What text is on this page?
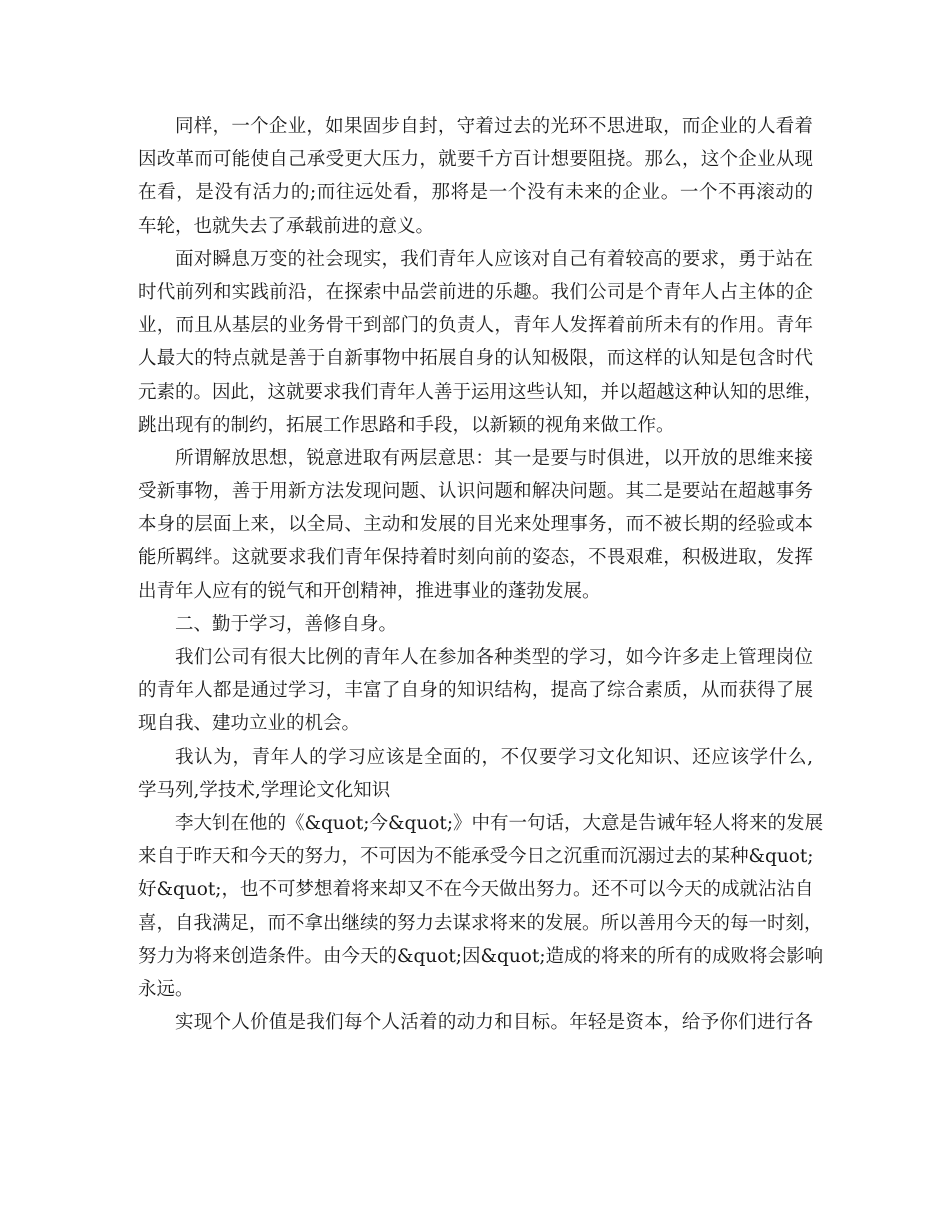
同样，一个企业，如果固步自封，守着过去的光环不思进取，而企业的人看着
因改革而可能使自己承受更大压力，就要千方百计想要阻挠。那么，这个企业从现
在看，是没有活力的;而往远处看，那将是一个没有未来的企业。一个不再滚动的
车轮，也就失去了承载前进的意义。
面对瞬息万变的社会现实，我们青年人应该对自己有着较高的要求，勇于站在
时代前列和实践前沿，在探索中品尝前进的乐趣。我们公司是个青年人占主体的企
业，而且从基层的业务骨干到部门的负责人，青年人发挥着前所未有的作用。青年
人最大的特点就是善于自新事物中拓展自身的认知极限，而这样的认知是包含时代
元素的。因此，这就要求我们青年人善于运用这些认知，并以超越这种认知的思维，
跳出现有的制约，拓展工作思路和手段，以新颖的视角来做工作。
所谓解放思想，锐意进取有两层意思：其一是要与时俱进，以开放的思维来接
受新事物，善于用新方法发现问题、认识问题和解决问题。其二是要站在超越事务
本身的层面上来，以全局、主动和发展的目光来处理事务，而不被长期的经验或本
能所羁绊。这就要求我们青年保持着时刻向前的姿态，不畏艰难，积极进取，发挥
出青年人应有的锐气和开创精神，推进事业的蓬勃发展。
二、勤于学习，善修自身。
我们公司有很大比例的青年人在参加各种类型的学习，如今许多走上管理岗位
的青年人都是通过学习，丰富了自身的知识结构，提高了综合素质，从而获得了展
现自我、建功立业的机会。
我认为，青年人的学习应该是全面的，不仅要学习文化知识、还应该学什么,
学马列,学技术,学理论文化知识
李大钊在他的《&quot;今&quot;》中有一句话，大意是告诫年轻人将来的发展
来自于昨天和今天的努力，不可因为不能承受今日之沉重而沉溺过去的某种&quot;
好&quot;，也不可梦想着将来却又不在今天做出努力。还不可以今天的成就沾沾自
喜，自我满足，而不拿出继续的努力去谋求将来的发展。所以善用今天的每一时刻，
努力为将来创造条件。由今天的&quot;因&quot;造成的将来的所有的成败将会影响
永远。
实现个人价值是我们每个人活着的动力和目标。年轻是资本，给予你们进行各
